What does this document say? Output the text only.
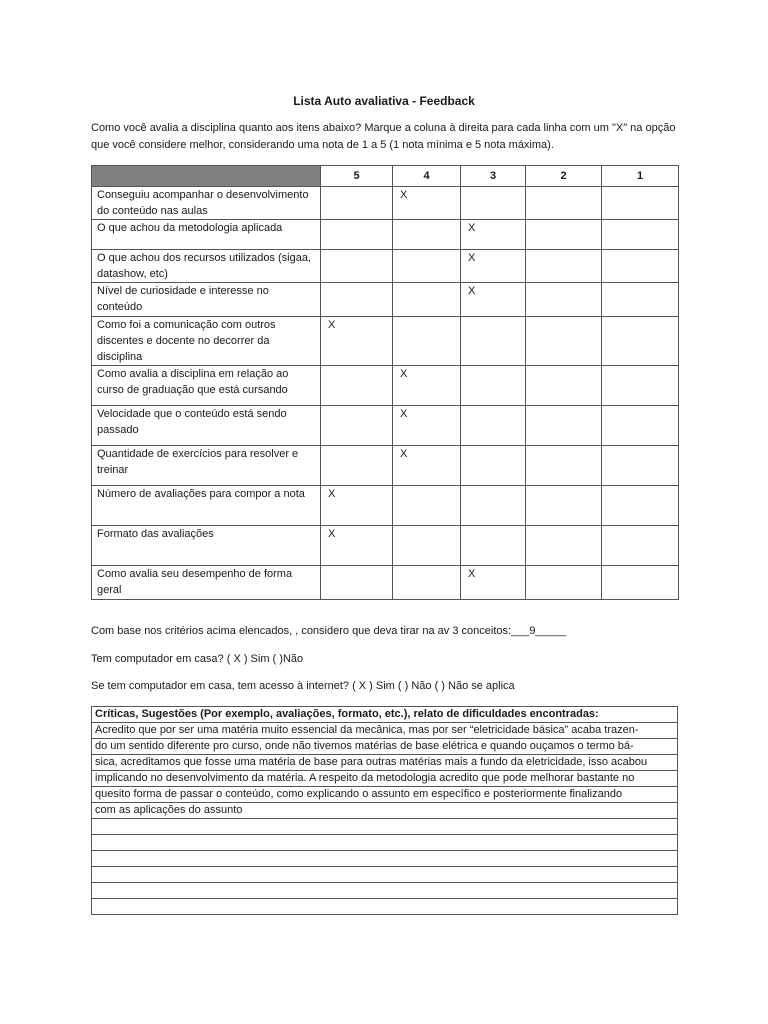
Lista Auto avaliativa - Feedback
Como você avalia a disciplina quanto aos itens abaixo? Marque a coluna à direita para cada linha com um "X" na opção que você considere melhor, considerando uma nota de 1 a 5 (1 nota mínima e 5 nota máxima).
	5	4	3	2	1
Conseguiu acompanhar o desenvolvimento do conteúdo nas aulas		X			
O que achou da metodologia aplicada			X		
O que achou dos recursos utilizados (sigaa, datashow, etc)			X		
Nível de curiosidade e interesse no conteúdo			X		
Como foi a comunicação com outros discentes e docente no decorrer da disciplina	X				
Como avalia a disciplina em relação ao curso de graduação que está cursando		X			
Velocidade que o conteúdo está sendo passado		X			
Quantidade de exercícios para resolver e treinar		X			
Número de avaliações para compor a nota	X				
Formato das avaliações	X				
Como avalia seu desempenho de forma geral			X		
Com base nos critérios acima elencados, , considero que deva tirar na av 3 conceitos:___9_____
Tem computador em casa? ( X ) Sim ( )Não
Se tem computador em casa, tem acesso à internet? ( X ) Sim ( ) Não ( ) Não se aplica
Críticas, Sugestões (Por exemplo, avaliações, formato, etc.), relato de dificuldades encontradas:
Acredito que por ser uma matéria muito essencial da mecânica, mas por ser “eletricidade básica” acaba trazen-
do um sentido diferente pro curso, onde não tivemos matérias de base elétrica e quando ouçamos o termo bá-
sica, acreditamos que fosse uma matéria de base para outras matérias mais a fundo da eletricidade, isso acabou
implicando no desenvolvimento da matéria. A respeito da metodologia acredito que pode melhorar bastante no
quesito forma de passar o conteúdo, como explicando o assunto em específico e posteriormente finalizando
com as aplicações do assunto
